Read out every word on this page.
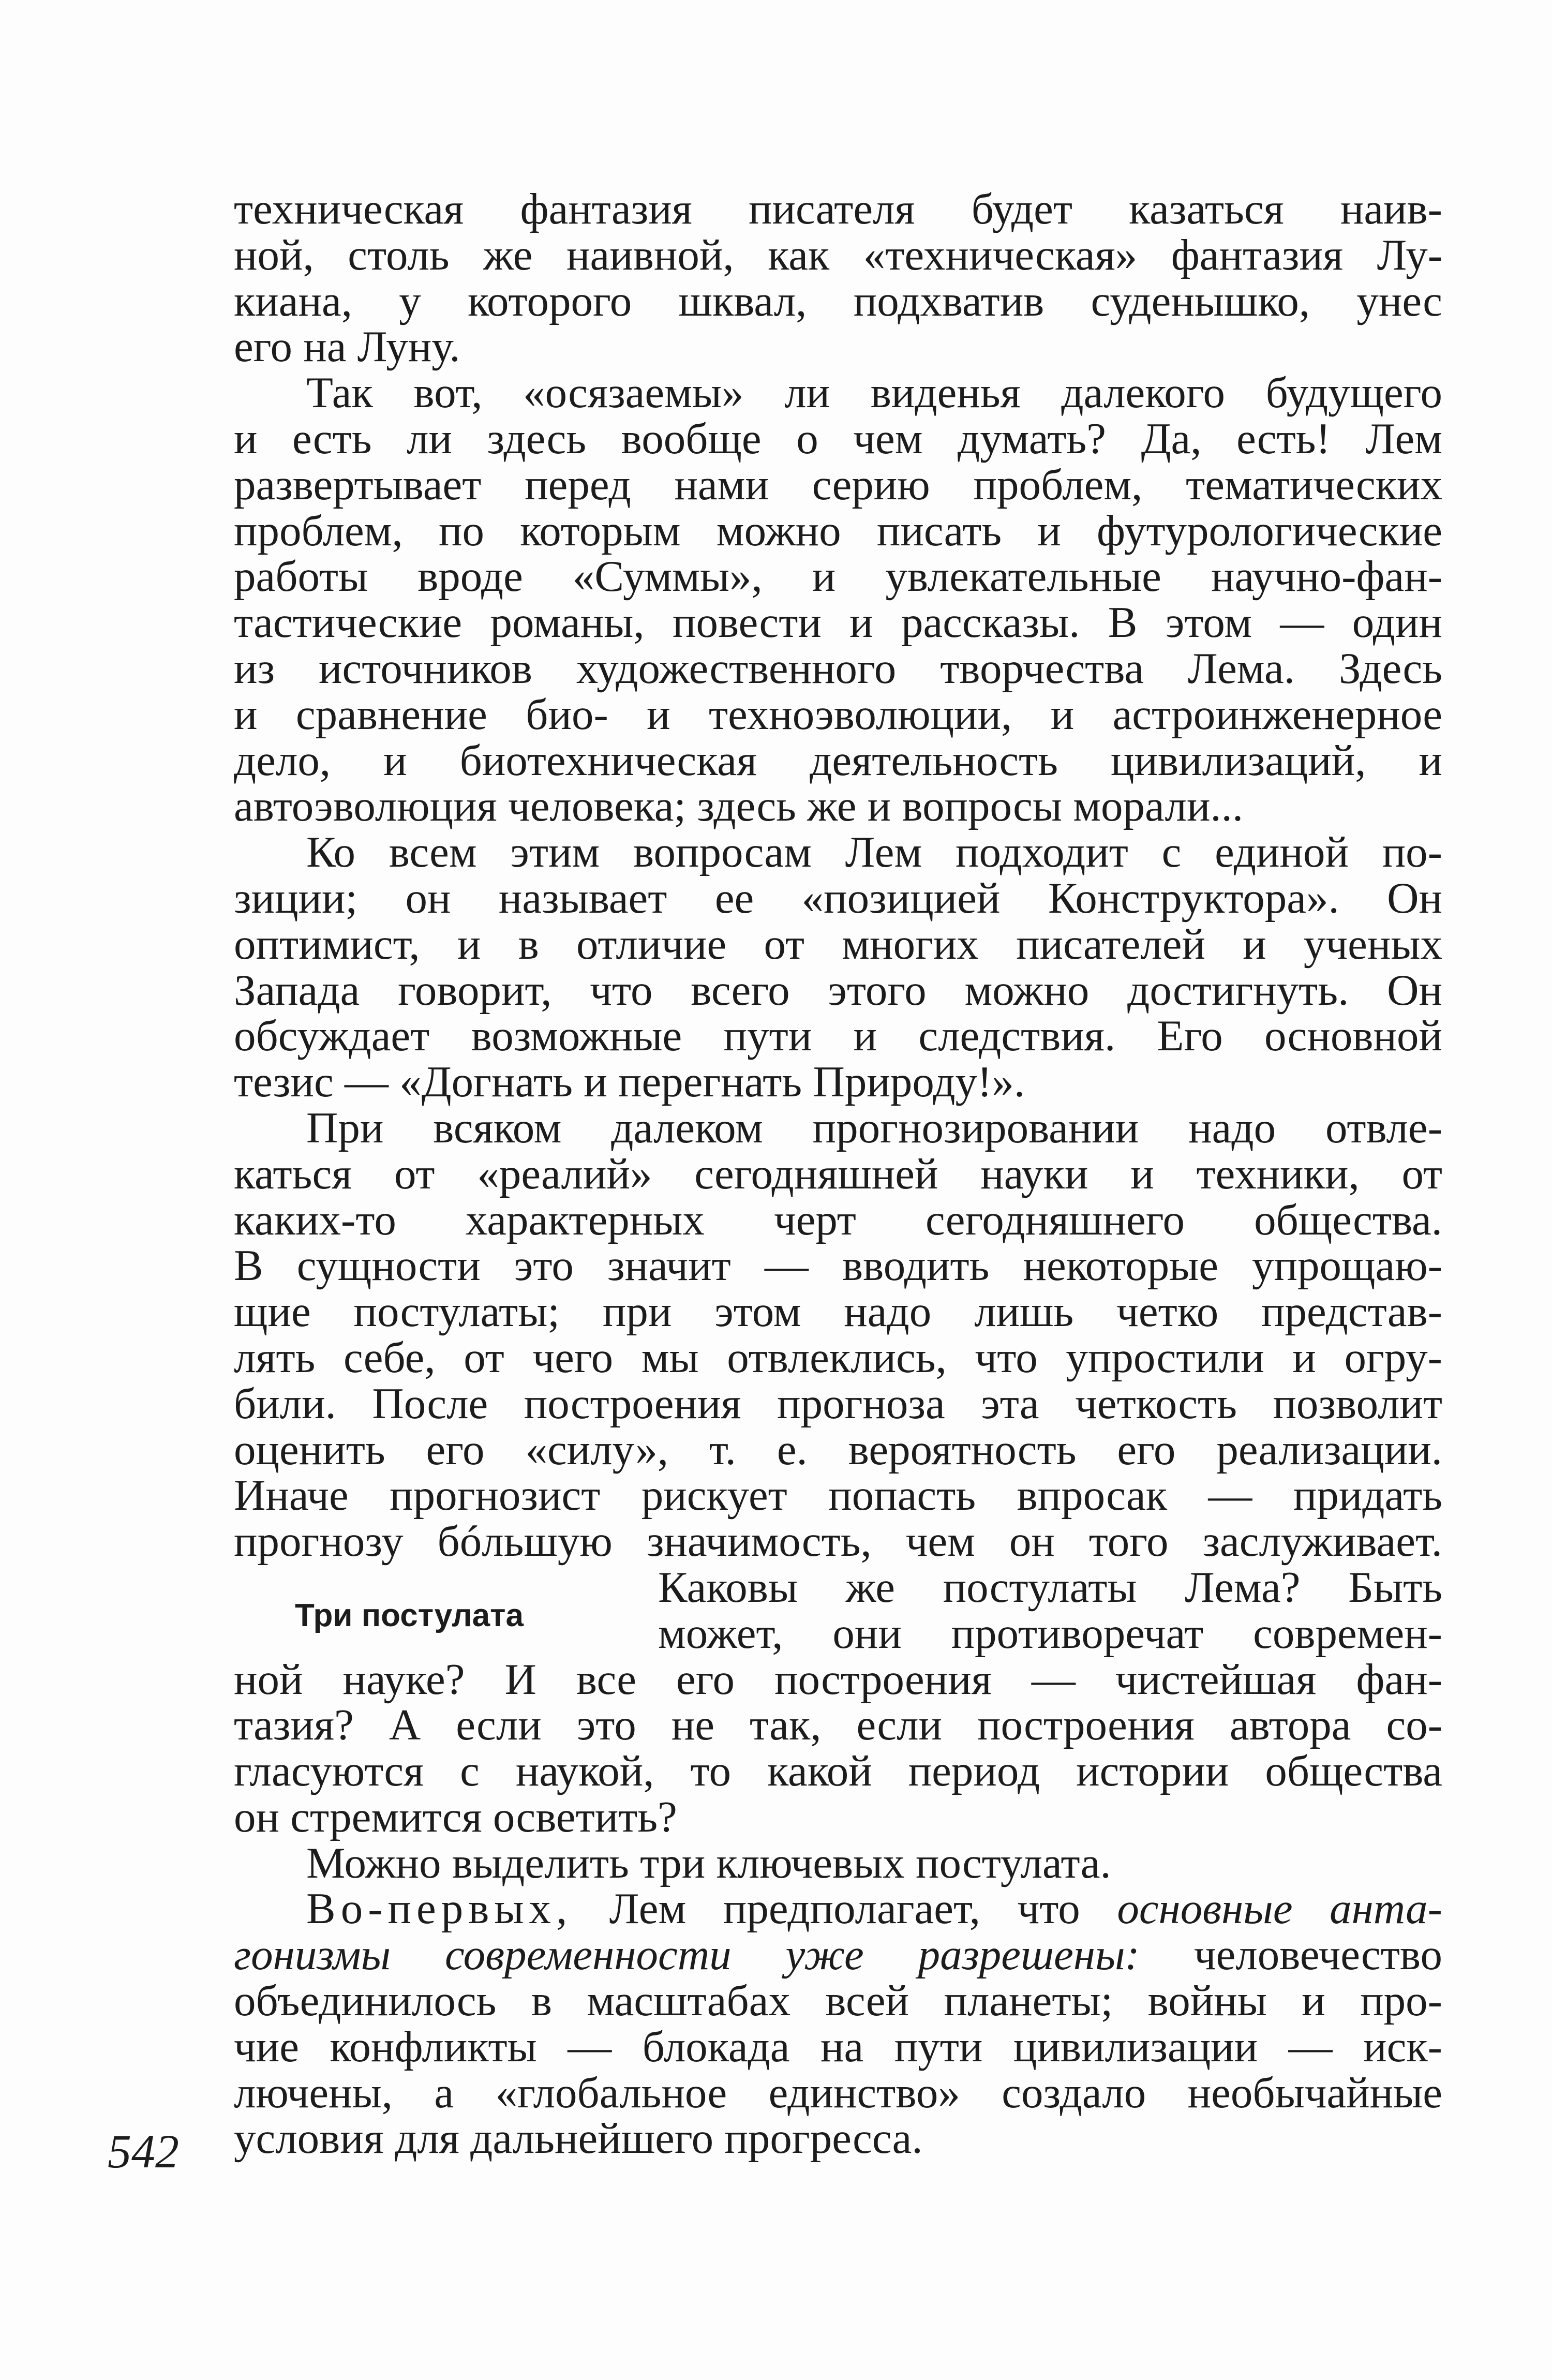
техническая фантазия писателя будет казаться наив-
ной, столь же наивной, как «техническая» фантазия Лу-
киана, у которого шквал, подхватив суденышко, унес
его на Луну.
Так вот, «осязаемы» ли виденья далекого будущего
и есть ли здесь вообще о чем думать? Да, есть! Лем
развертывает перед нами серию проблем, тематических
проблем, по которым можно писать и футурологические
работы вроде «Суммы», и увлекательные научно-фан-
тастические романы, повести и рассказы. В этом — один
из источников художественного творчества Лема. Здесь
и сравнение био- и техноэволюции, и астроинженерное
дело, и биотехническая деятельность цивилизаций, и
автоэволюция человека; здесь же и вопросы морали...
Ко всем этим вопросам Лем подходит с единой по-
зиции; он называет ее «позицией Конструктора». Он
оптимист, и в отличие от многих писателей и ученых
Запада говорит, что всего этого можно достигнуть. Он
обсуждает возможные пути и следствия. Его основной
тезис — «Догнать и перегнать Природу!».
При всяком далеком прогнозировании надо отвле-
каться от «реалий» сегодняшней науки и техники, от
каких-то характерных черт сегодняшнего общества.
В сущности это значит — вводить некоторые упрощаю-
щие постулаты; при этом надо лишь четко представ-
лять себе, от чего мы отвлеклись, что упростили и огру-
били. После построения прогноза эта четкость позволит
оценить его «силу», т. е. вероятность его реализации.
Иначе прогнозист рискует попасть впросак — придать
прогнозу бóльшую значимость, чем он того заслуживает.
Каковы же постулаты Лема? Быть
может, они противоречат современ-
ной науке? И все его построения — чистейшая фан-
тазия? А если это не так, если построения автора со-
гласуются с наукой, то какой период истории общества
он стремится осветить?
Можно выделить три ключевых постулата.
Во-первых, Лем предполагает, что основные анта-
гонизмы современности уже разрешены: человечество
объединилось в масштабах всей планеты; войны и про-
чие конфликты — блокада на пути цивилизации — иск-
лючены, а «глобальное единство» создало необычайные
условия для дальнейшего прогресса.
Три постулата
542
